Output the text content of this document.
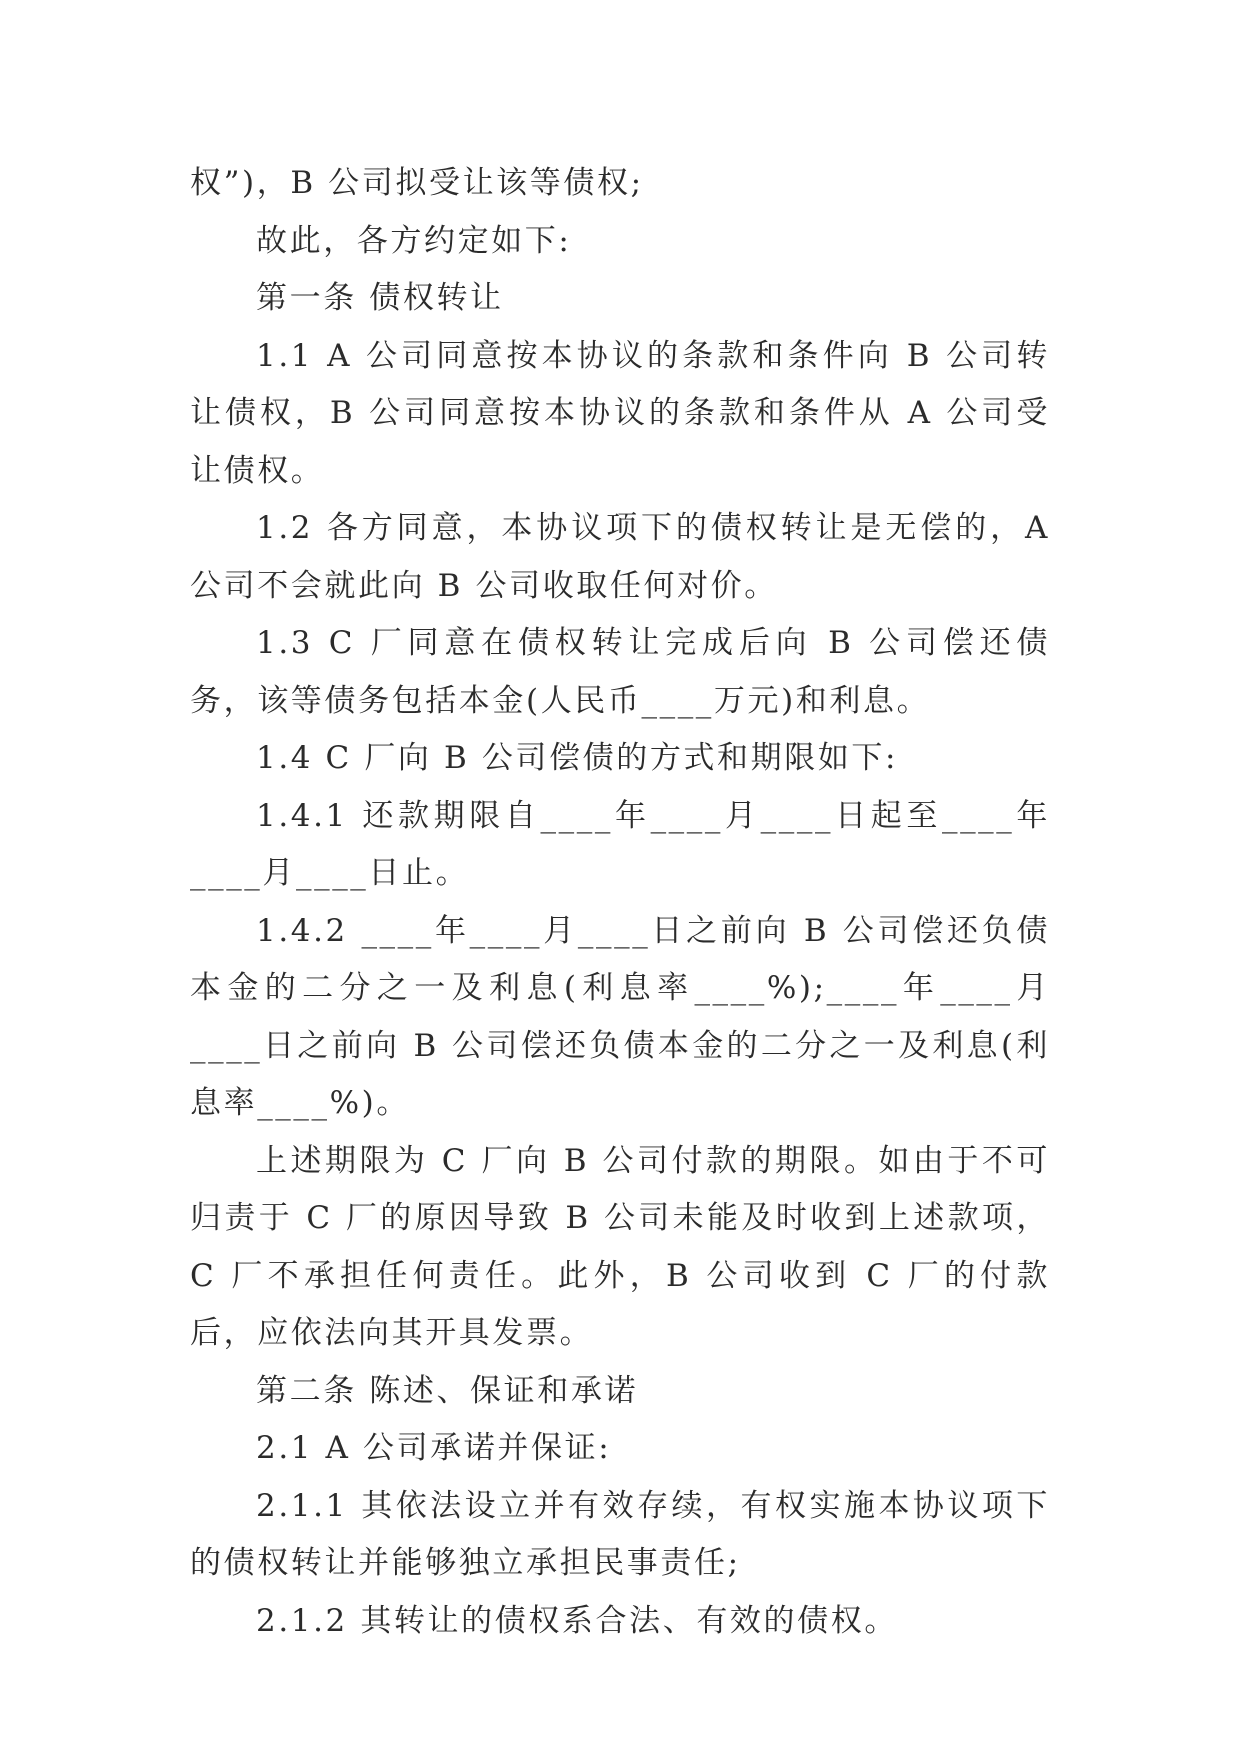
权”)，B 公司拟受让该等债权;

故此，各方约定如下:

第一条 债权转让

1.1 A 公司同意按本协议的条款和条件向 B 公司转让债权，B 公司同意按本协议的条款和条件从 A 公司受让债权。

1.2 各方同意，本协议项下的债权转让是无偿的，A 公司不会就此向 B 公司收取任何对价。

1.3 C 厂同意在债权转让完成后向 B 公司偿还债务，该等债务包括本金(人民币____万元)和利息。

1.4 C 厂向 B 公司偿债的方式和期限如下:

1.4.1 还款期限自____年____月____日起至____年____月____日止。

1.4.2 ____年____月____日之前向 B 公司偿还负债本金的二分之一及利息(利息率____%);____年____月____日之前向 B 公司偿还负债本金的二分之一及利息(利息率____%)。

上述期限为 C 厂向 B 公司付款的期限。如由于不可归责于 C 厂的原因导致 B 公司未能及时收到上述款项，C 厂不承担任何责任。此外，B 公司收到 C 厂的付款后，应依法向其开具发票。

第二条 陈述、保证和承诺

2.1 A 公司承诺并保证:

2.1.1 其依法设立并有效存续，有权实施本协议项下的债权转让并能够独立承担民事责任;

2.1.2 其转让的债权系合法、有效的债权。
